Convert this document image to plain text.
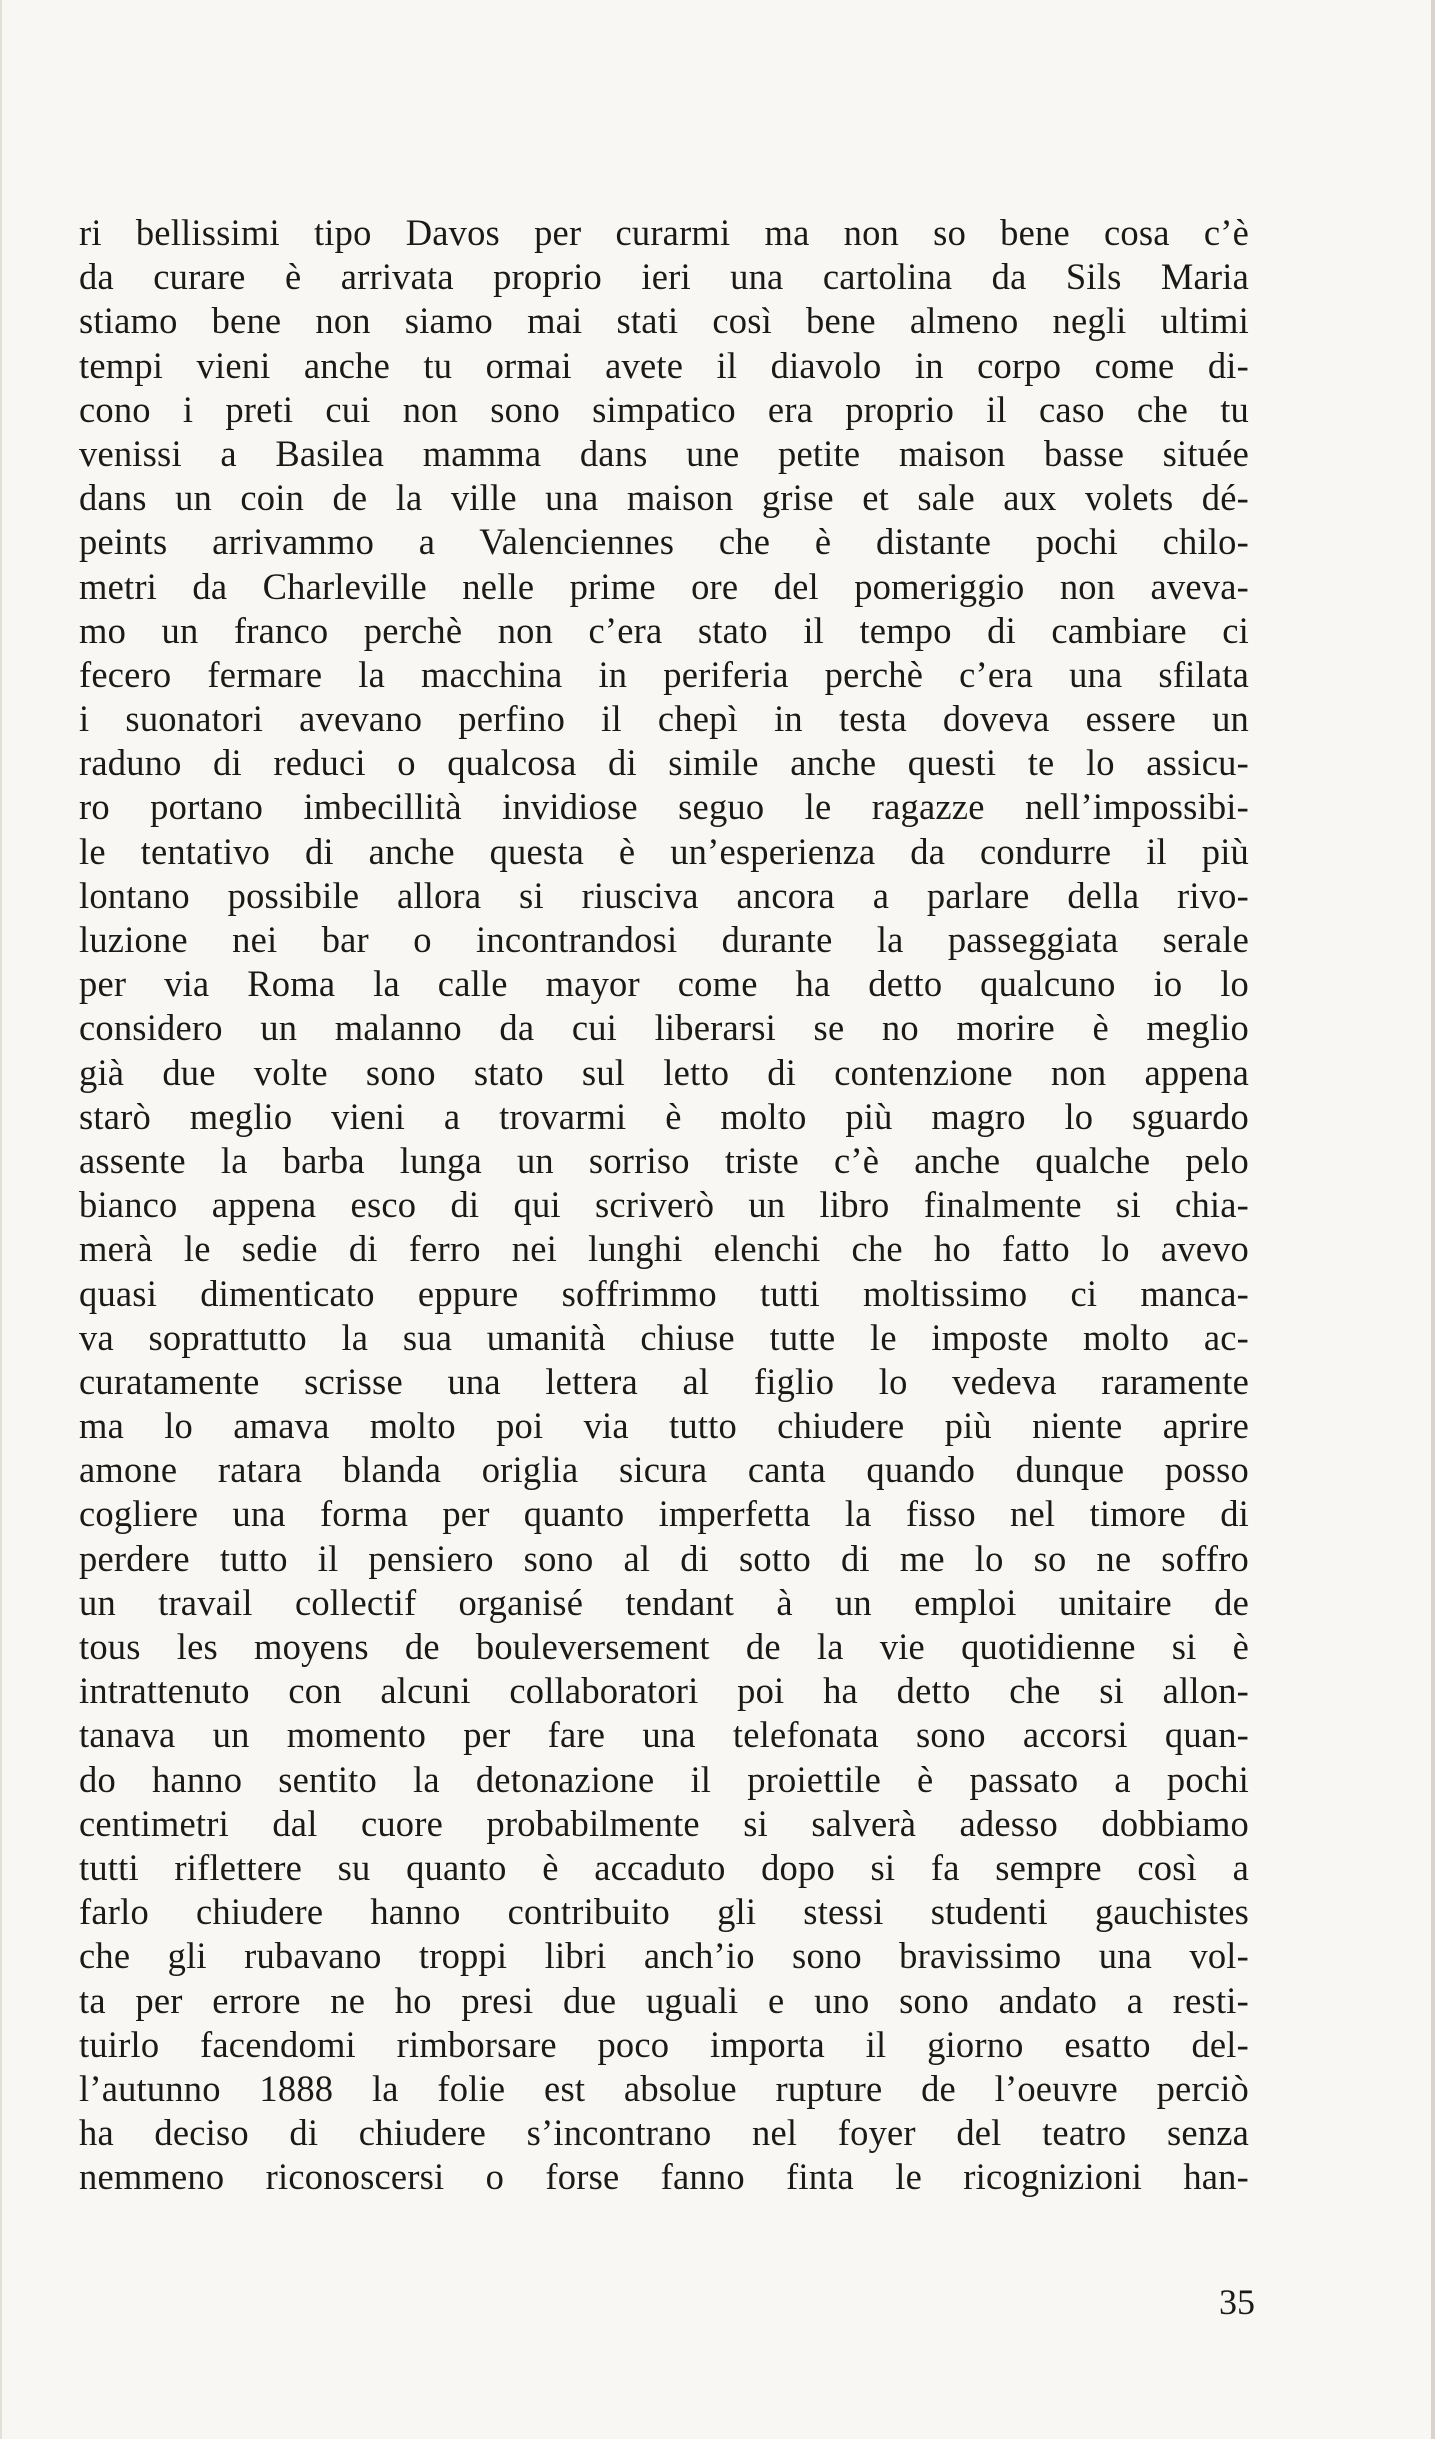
ri bellissimi tipo Davos per curarmi ma non so bene cosa c’è
da curare è arrivata proprio ieri una cartolina da Sils Maria
stiamo bene non siamo mai stati così bene almeno negli ultimi
tempi vieni anche tu ormai avete il diavolo in corpo come di-
cono i preti cui non sono simpatico era proprio il caso che tu
venissi a Basilea mamma dans une petite maison basse située
dans un coin de la ville una maison grise et sale aux volets dé-
peints arrivammo a Valenciennes che è distante pochi chilo-
metri da Charleville nelle prime ore del pomeriggio non aveva-
mo un franco perchè non c’era stato il tempo di cambiare ci
fecero fermare la macchina in periferia perchè c’era una sfilata
i suonatori avevano perfino il chepì in testa doveva essere un
raduno di reduci o qualcosa di simile anche questi te lo assicu-
ro portano imbecillità invidiose seguo le ragazze nell’impossibi-
le tentativo di anche questa è un’esperienza da condurre il più
lontano possibile allora si riusciva ancora a parlare della rivo-
luzione nei bar o incontrandosi durante la passeggiata serale
per via Roma la calle mayor come ha detto qualcuno io lo
considero un malanno da cui liberarsi se no morire è meglio
già due volte sono stato sul letto di contenzione non appena
starò meglio vieni a trovarmi è molto più magro lo sguardo
assente la barba lunga un sorriso triste c’è anche qualche pelo
bianco appena esco di qui scriverò un libro finalmente si chia-
merà le sedie di ferro nei lunghi elenchi che ho fatto lo avevo
quasi dimenticato eppure soffrimmo tutti moltissimo ci manca-
va soprattutto la sua umanità chiuse tutte le imposte molto ac-
curatamente scrisse una lettera al figlio lo vedeva raramente
ma lo amava molto poi via tutto chiudere più niente aprire
amone ratara blanda origlia sicura canta quando dunque posso
cogliere una forma per quanto imperfetta la fisso nel timore di
perdere tutto il pensiero sono al di sotto di me lo so ne soffro
un travail collectif organisé tendant à un emploi unitaire de
tous les moyens de bouleversement de la vie quotidienne si è
intrattenuto con alcuni collaboratori poi ha detto che si allon-
tanava un momento per fare una telefonata sono accorsi quan-
do hanno sentito la detonazione il proiettile è passato a pochi
centimetri dal cuore probabilmente si salverà adesso dobbiamo
tutti riflettere su quanto è accaduto dopo si fa sempre così a
farlo chiudere hanno contribuito gli stessi studenti gauchistes
che gli rubavano troppi libri anch’io sono bravissimo una vol-
ta per errore ne ho presi due uguali e uno sono andato a resti-
tuirlo facendomi rimborsare poco importa il giorno esatto del-
l’autunno 1888 la folie est absolue rupture de l’oeuvre perciò
ha deciso di chiudere s’incontrano nel foyer del teatro senza
nemmeno riconoscersi o forse fanno finta le ricognizioni han-
35
